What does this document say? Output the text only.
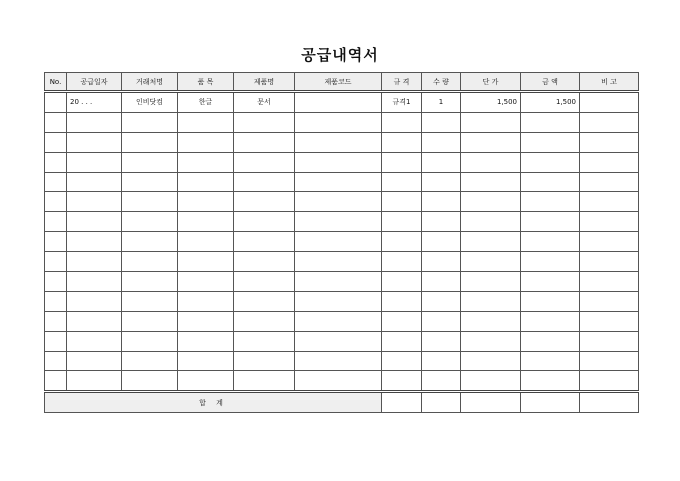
공급내역서
No.	공급일자	거래처명	품 목	제품명	제품코드	규 격	수 량	단 가	금 액	비 고
	20 . . .	인비닷컴	한글	문서		규격1	1	1,500	1,500	

합 계										
